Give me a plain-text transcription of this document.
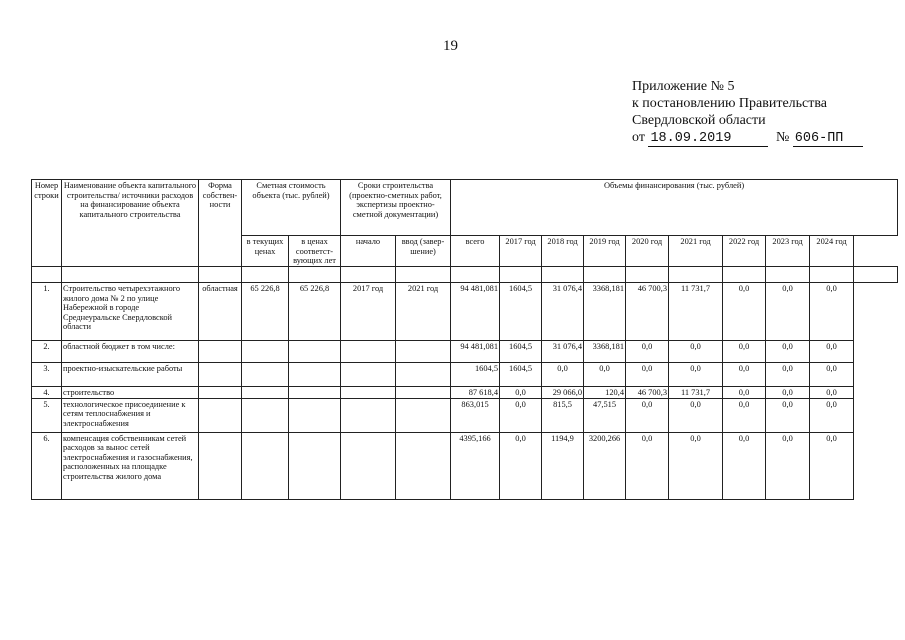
19
Приложение № 5
к постановлению Правительства
Свердловской области
от 18.09.2019	№ 606-ПП
Номер строки	Наименование объекта капитального строительства/ источники расходов на финансирование объекта капитального строительства	Форма собствен-ности	Сметная стоимость объекта (тыс. рублей)		Сроки строительства (проектно-сметных работ, экспертизы проектно-сметной документации)		Объемы финансирования (тыс. рублей)									
			в текущих ценах	в ценах соответст-вующих лет	начало	ввод (завер-шение)	всего	2017 год	2018 год	2019 год	2020 год	2021 год	2022 год	2023 год	2024 год	

1.	Строительство четырехэтажного жилого дома № 2 по улице Набережной в городе Среднеуральске Свердловской области	областная	65 226,8	65 226,8	2017 год	2021 год	94 481,081	1604,5	31 076,4	3368,181	46 700,3	11 731,7	0,0	0,0	0,0	
2.	областной бюджет в том числе:						94 481,081	1604,5	31 076,4	3368,181	0,0	0,0	0,0	0,0	0,0	
3.	проектно-изыскательские работы						1604,5	1604,5	0,0	0,0	0,0	0,0	0,0	0,0	0,0	
4.	строительство						87 618,4	0,0	29 066,0	120,4	46 700,3	11 731,7	0,0	0,0	0,0	
5.	технологическое присоединение к сетям теплоснабжения и электроснабжения						863,015	0,0	815,5	47,515	0,0	0,0	0,0	0,0	0,0	
6.	компенсация собственникам сетей расходов за вынос сетей электроснабжения и газоснабжения, расположенных на площадке строительства жилого дома						4395,166	0,0	1194,9	3200,266	0,0	0,0	0,0	0,0	0,0	
